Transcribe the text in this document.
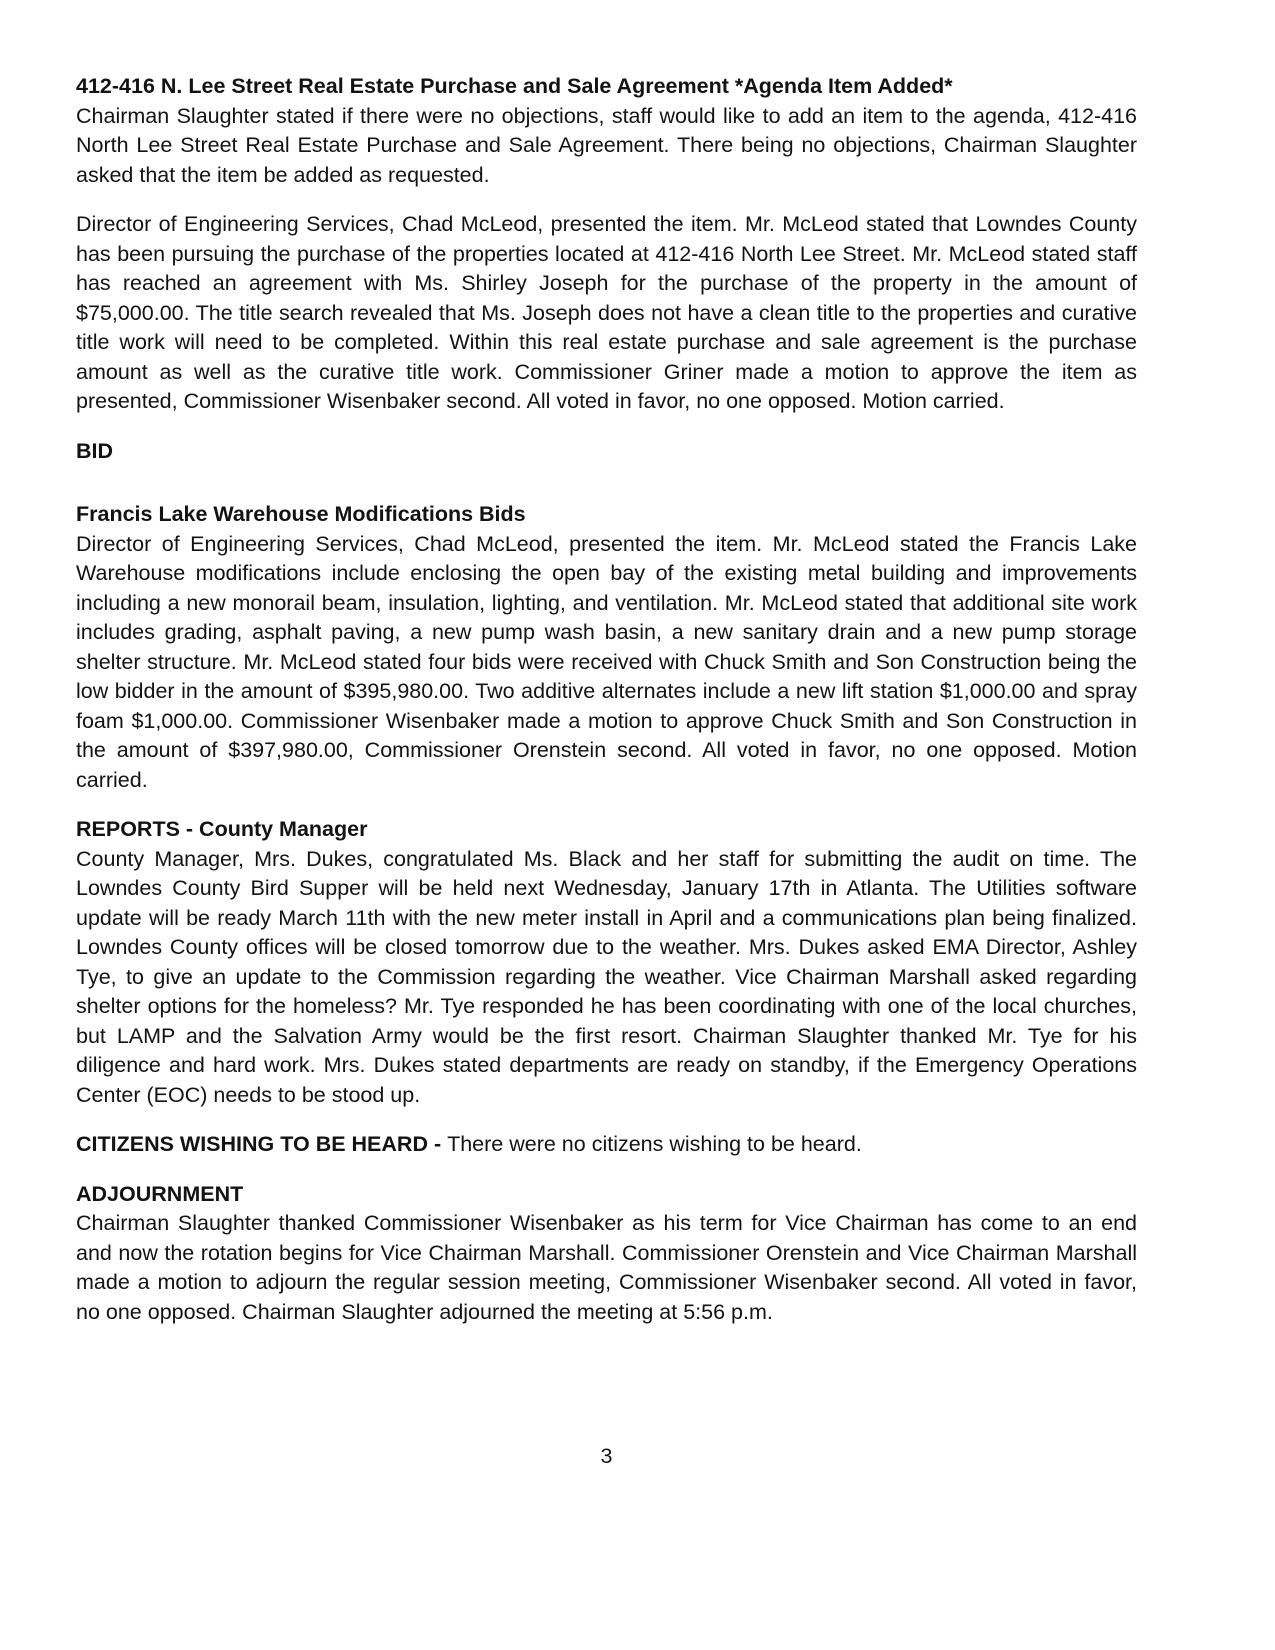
412-416 N. Lee Street Real Estate Purchase and Sale Agreement *Agenda Item Added*

Chairman Slaughter stated if there were no objections, staff would like to add an item to the agenda, 412-416 North Lee Street Real Estate Purchase and Sale Agreement. There being no objections, Chairman Slaughter asked that the item be added as requested.

Director of Engineering Services, Chad McLeod, presented the item. Mr. McLeod stated that Lowndes County has been pursuing the purchase of the properties located at 412-416 North Lee Street. Mr. McLeod stated staff has reached an agreement with Ms. Shirley Joseph for the purchase of the property in the amount of $75,000.00. The title search revealed that Ms. Joseph does not have a clean title to the properties and curative title work will need to be completed. Within this real estate purchase and sale agreement is the purchase amount as well as the curative title work. Commissioner Griner made a motion to approve the item as presented, Commissioner Wisenbaker second. All voted in favor, no one opposed. Motion carried.

BID

Francis Lake Warehouse Modifications Bids

Director of Engineering Services, Chad McLeod, presented the item. Mr. McLeod stated the Francis Lake Warehouse modifications include enclosing the open bay of the existing metal building and improvements including a new monorail beam, insulation, lighting, and ventilation. Mr. McLeod stated that additional site work includes grading, asphalt paving, a new pump wash basin, a new sanitary drain and a new pump storage shelter structure. Mr. McLeod stated four bids were received with Chuck Smith and Son Construction being the low bidder in the amount of $395,980.00. Two additive alternates include a new lift station $1,000.00 and spray foam $1,000.00. Commissioner Wisenbaker made a motion to approve Chuck Smith and Son Construction in the amount of $397,980.00, Commissioner Orenstein second. All voted in favor, no one opposed. Motion carried.

REPORTS - County Manager

County Manager, Mrs. Dukes, congratulated Ms. Black and her staff for submitting the audit on time. The Lowndes County Bird Supper will be held next Wednesday, January 17th in Atlanta. The Utilities software update will be ready March 11th with the new meter install in April and a communications plan being finalized. Lowndes County offices will be closed tomorrow due to the weather. Mrs. Dukes asked EMA Director, Ashley Tye, to give an update to the Commission regarding the weather. Vice Chairman Marshall asked regarding shelter options for the homeless? Mr. Tye responded he has been coordinating with one of the local churches, but LAMP and the Salvation Army would be the first resort. Chairman Slaughter thanked Mr. Tye for his diligence and hard work. Mrs. Dukes stated departments are ready on standby, if the Emergency Operations Center (EOC) needs to be stood up.

CITIZENS WISHING TO BE HEARD - There were no citizens wishing to be heard.

ADJOURNMENT

Chairman Slaughter thanked Commissioner Wisenbaker as his term for Vice Chairman has come to an end and now the rotation begins for Vice Chairman Marshall. Commissioner Orenstein and Vice Chairman Marshall made a motion to adjourn the regular session meeting, Commissioner Wisenbaker second. All voted in favor, no one opposed. Chairman Slaughter adjourned the meeting at 5:56 p.m.

3
